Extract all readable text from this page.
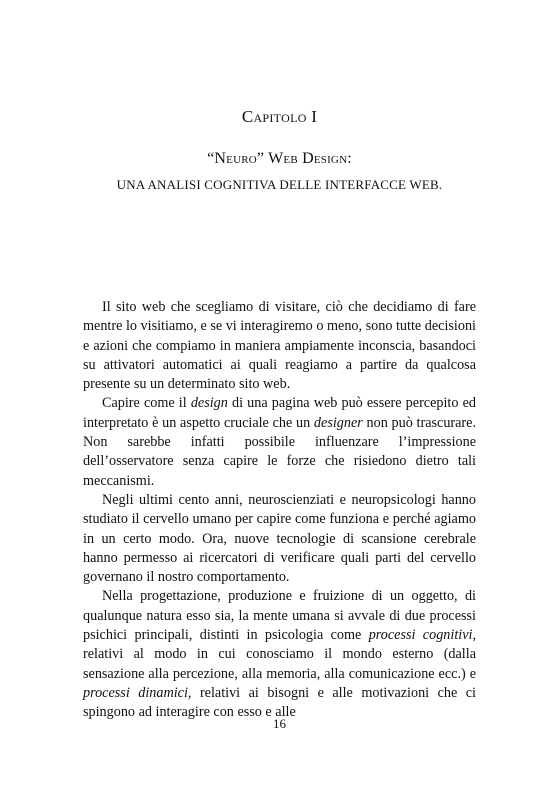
Capitolo I
“Neuro” Web Design:
UNA ANALISI COGNITIVA DELLE INTERFACCE WEB.

Il sito web che scegliamo di visitare, ciò che decidiamo di fare mentre lo visitiamo, e se vi interagiremo o meno, sono tutte decisioni e azioni che compiamo in maniera ampiamente inconscia, basandoci su attivatori automatici ai quali reagiamo a partire da qualcosa presente su un determinato sito web.

Capire come il design di una pagina web può essere percepito ed interpretato è un aspetto cruciale che un designer non può trascurare. Non sarebbe infatti possibile influenzare l’impressione dell’osservatore senza capire le forze che risiedono dietro tali meccanismi.

Negli ultimi cento anni, neuroscienziati e neuropsicologi hanno studiato il cervello umano per capire come funziona e perché agiamo in un certo modo. Ora, nuove tecnologie di scansione cerebrale hanno permesso ai ricercatori di verificare quali parti del cervello governano il nostro comportamento.

Nella progettazione, produzione e fruizione di un oggetto, di qualunque natura esso sia, la mente umana si avvale di due processi psichici principali, distinti in psicologia come processi cognitivi, relativi al modo in cui conosciamo il mondo esterno (dalla sensazione alla percezione, alla memoria, alla comunicazione ecc.) e processi dinamici, relativi ai bisogni e alle motivazioni che ci spingono ad interagire con esso e alle

16
